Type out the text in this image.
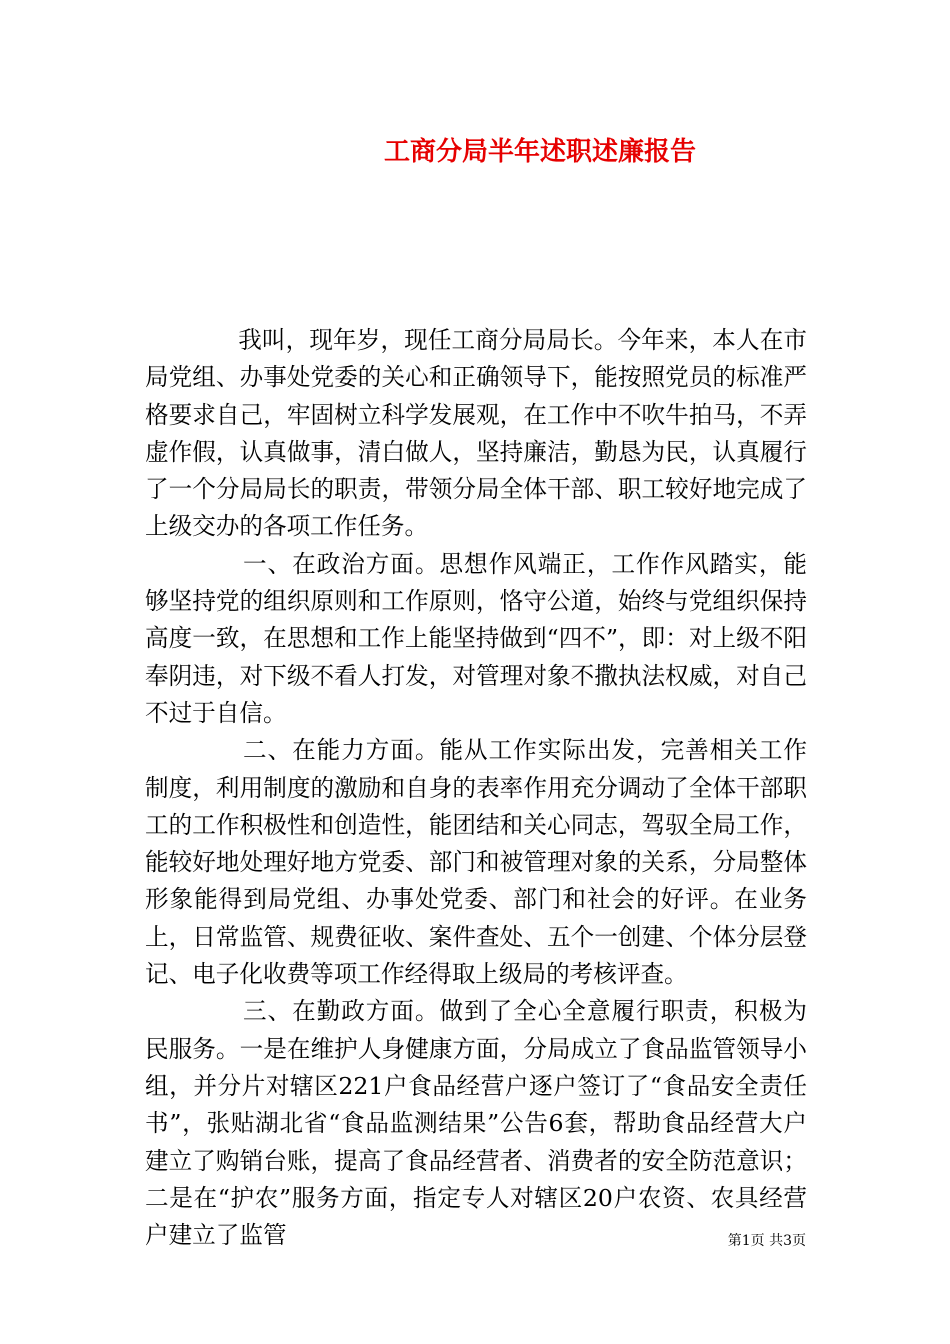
工商分局半年述职述廉报告

我叫，现年岁，现任工商分局局长。今年来，本人在市局党组、办事处党委的关心和正确领导下，能按照党员的标准严格要求自己，牢固树立科学发展观，在工作中不吹牛拍马，不弄虚作假，认真做事，清白做人，坚持廉洁，勤恳为民，认真履行了一个分局局长的职责，带领分局全体干部、职工较好地完成了上级交办的各项工作任务。

一、在政治方面。思想作风端正，工作作风踏实，能够坚持党的组织原则和工作原则，恪守公道，始终与党组织保持高度一致，在思想和工作上能坚持做到“四不”，即：对上级不阳奉阴违，对下级不看人打发，对管理对象不撒执法权威，对自己不过于自信。

二、在能力方面。能从工作实际出发，完善相关工作制度，利用制度的激励和自身的表率作用充分调动了全体干部职工的工作积极性和创造性，能团结和关心同志，驾驭全局工作，能较好地处理好地方党委、部门和被管理对象的关系，分局整体形象能得到局党组、办事处党委、部门和社会的好评。在业务上，日常监管、规费征收、案件查处、五个一创建、个体分层登记、电子化收费等项工作经得取上级局的考核评查。

三、在勤政方面。做到了全心全意履行职责，积极为民服务。一是在维护人身健康方面，分局成立了食品监管领导小组，并分片对辖区221户食品经营户逐户签订了“食品安全责任书”，张贴湖北省“食品监测结果”公告6套，帮助食品经营大户建立了购销台账，提高了食品经营者、消费者的安全防范意识；二是在“护农”服务方面，指定专人对辖区20户农资、农具经营户建立了监管	第1页 共3页
